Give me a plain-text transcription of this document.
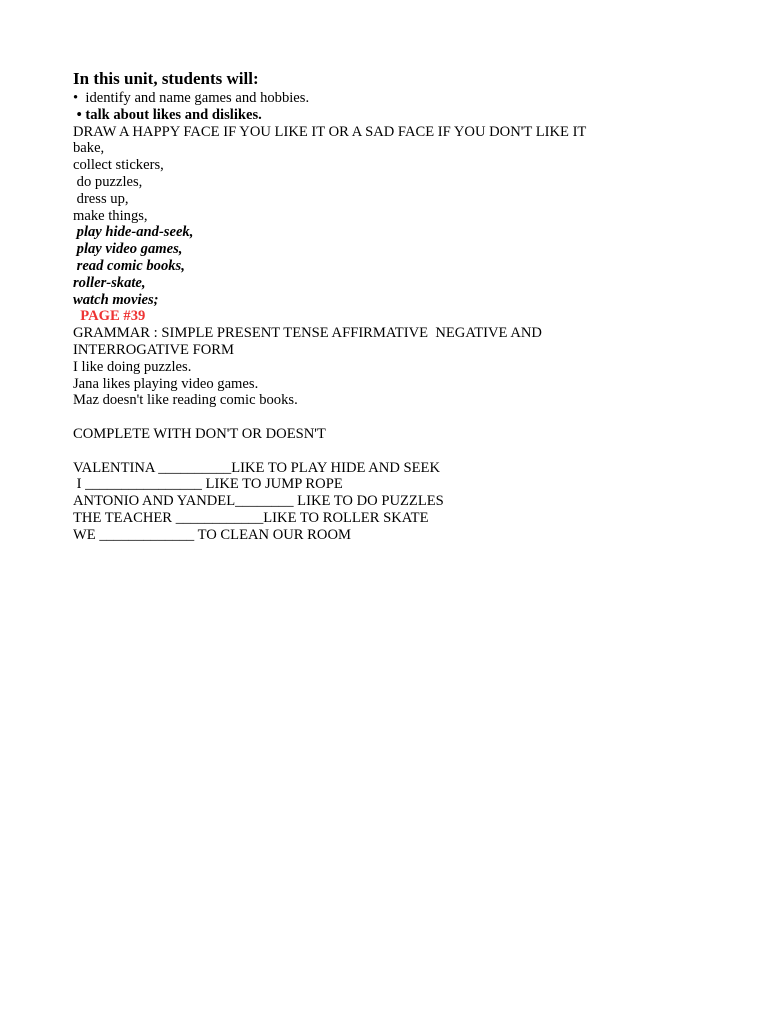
In this unit, students will:
•  identify and name games and hobbies.
• talk about likes and dislikes.
DRAW A HAPPY FACE IF YOU LIKE IT OR A SAD FACE IF YOU DON'T LIKE IT
bake,
collect stickers,
do puzzles,
dress up,
make things,
play hide-and-seek,
play video games,
read comic books,
roller-skate,
watch movies;
PAGE #39
GRAMMAR : SIMPLE PRESENT TENSE AFFIRMATIVE  NEGATIVE AND
INTERROGATIVE FORM
I like doing puzzles.
Jana likes playing video games.
Maz doesn't like reading comic books.
COMPLETE WITH DON'T OR DOESN'T
VALENTINA __________LIKE TO PLAY HIDE AND SEEK
I ________________ LIKE TO JUMP ROPE
ANTONIO AND YANDEL________ LIKE TO DO PUZZLES
THE TEACHER ____________LIKE TO ROLLER SKATE
WE _____________ TO CLEAN OUR ROOM
